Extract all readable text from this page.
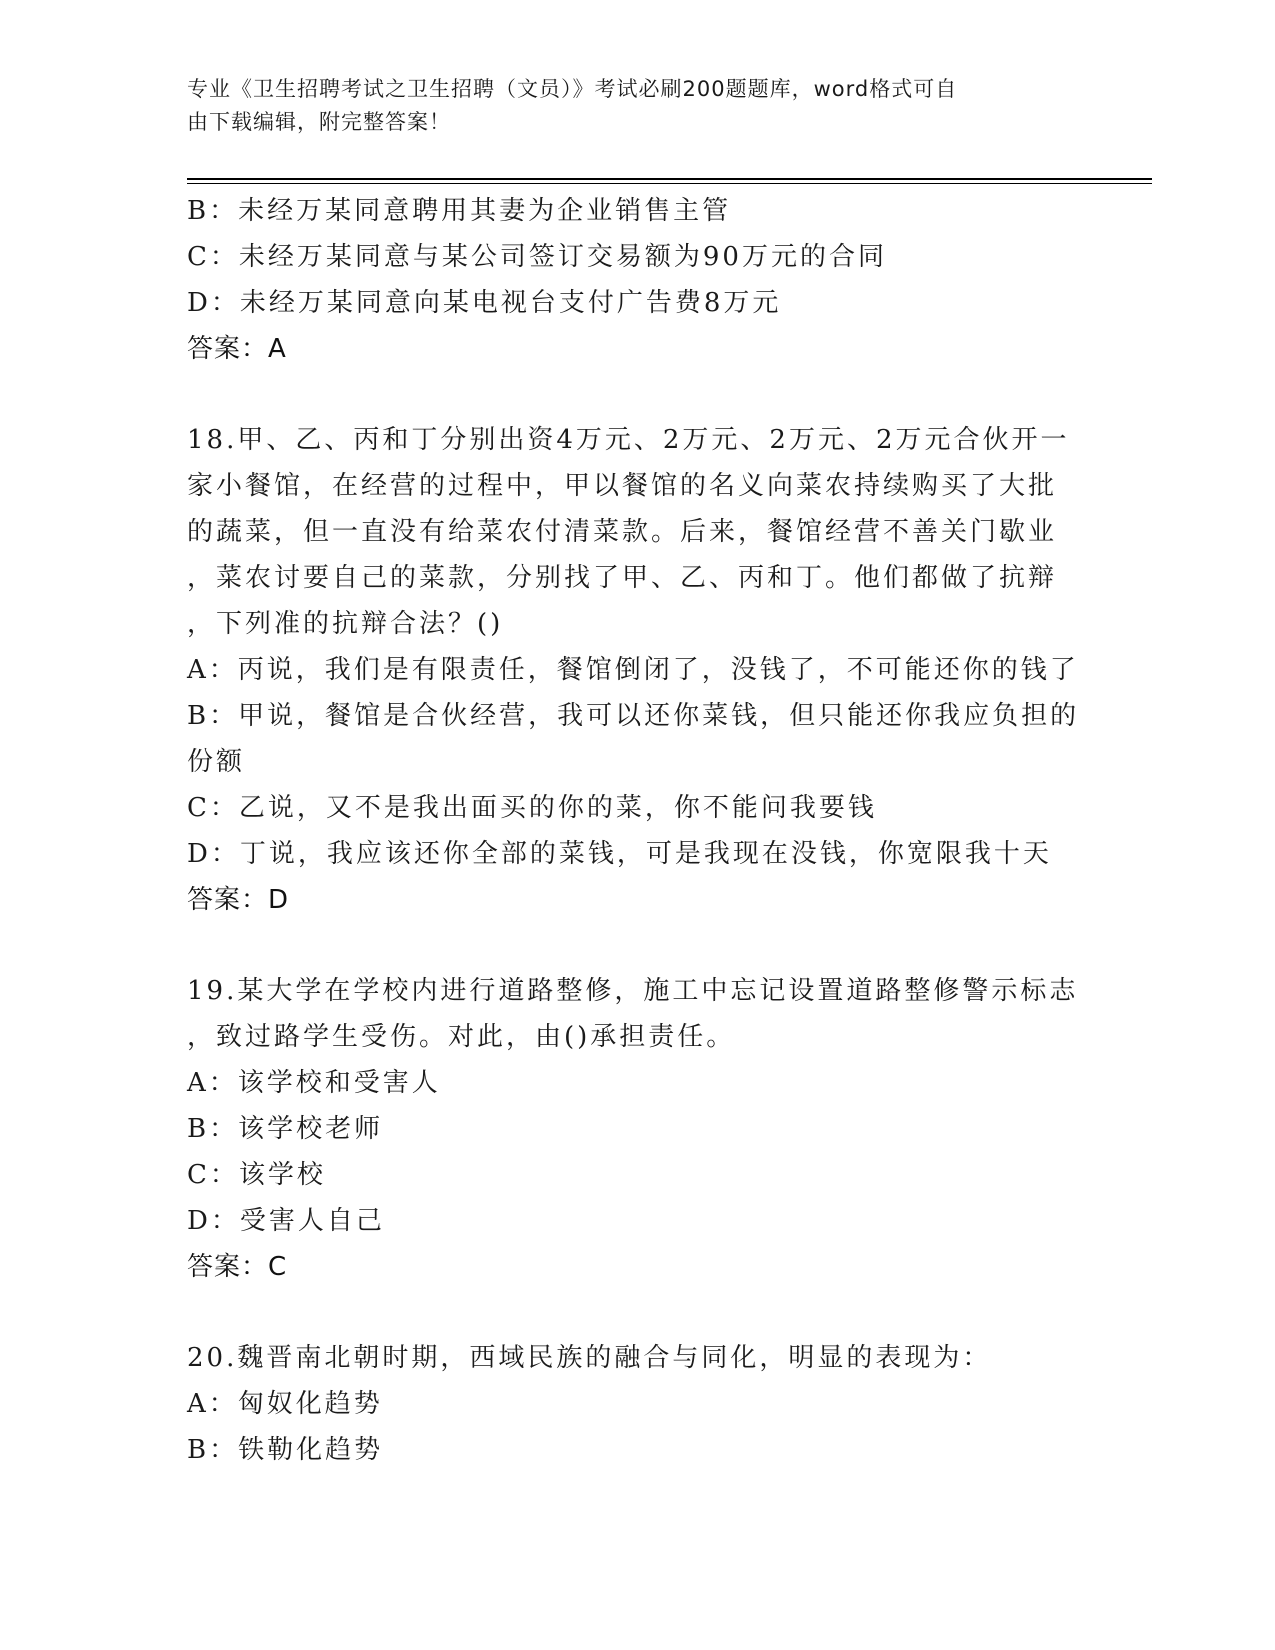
专业《卫生招聘考试之卫生招聘（文员）》考试必刷200题题库，word格式可自
由下载编辑，附完整答案！
B：未经万某同意聘用其妻为企业销售主管
C：未经万某同意与某公司签订交易额为90万元的合同
D：未经万某同意向某电视台支付广告费8万元
答案：A
18.甲、乙、丙和丁分别出资4万元、2万元、2万元、2万元合伙开一
家小餐馆，在经营的过程中，甲以餐馆的名义向菜农持续购买了大批
的蔬菜，但一直没有给菜农付清菜款。后来，餐馆经营不善关门歇业
，菜农讨要自己的菜款，分别找了甲、乙、丙和丁。他们都做了抗辩
，下列准的抗辩合法？()
A：丙说，我们是有限责任，餐馆倒闭了，没钱了，不可能还你的钱了
B：甲说，餐馆是合伙经营，我可以还你菜钱，但只能还你我应负担的
份额
C：乙说，又不是我出面买的你的菜，你不能问我要钱
D：丁说，我应该还你全部的菜钱，可是我现在没钱，你宽限我十天
答案：D
19.某大学在学校内进行道路整修，施工中忘记设置道路整修警示标志
，致过路学生受伤。对此，由()承担责任。
A：该学校和受害人
B：该学校老师
C：该学校
D：受害人自己
答案：C
20.魏晋南北朝时期，西域民族的融合与同化，明显的表现为：
A：匈奴化趋势
B：铁勒化趋势
